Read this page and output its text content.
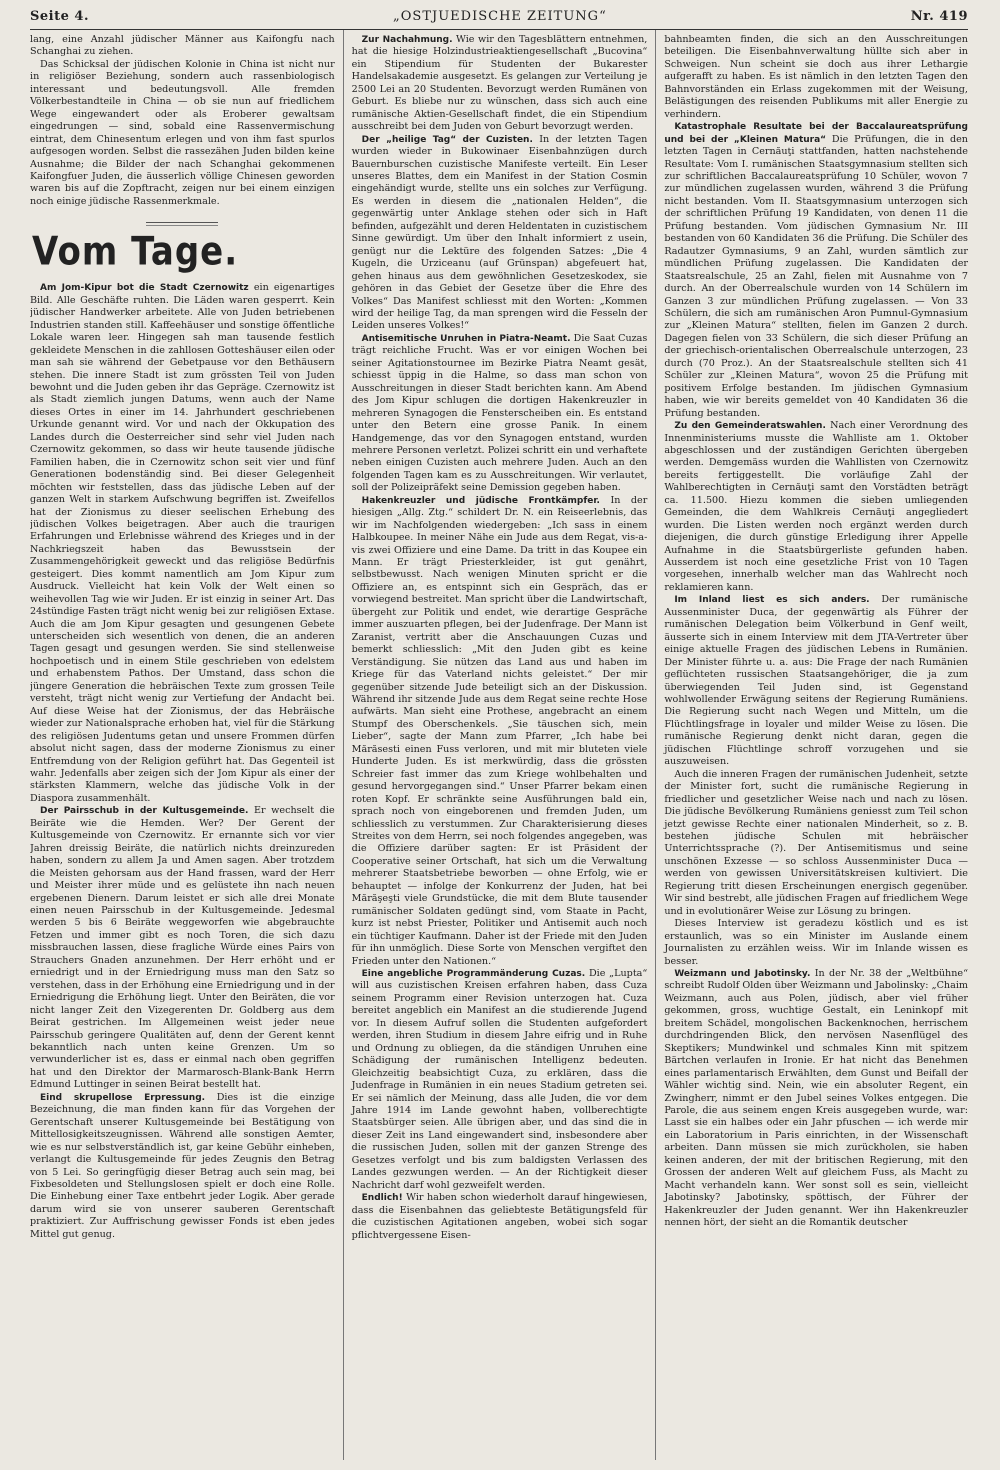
Seite 4.	„OSTJUEDISCHE ZEITUNG“	Nr. 419

lang, eine Anzahl jüdischer Männer aus Kaifongfu nach Schanghai zu ziehen.

Das Schicksal der jüdischen Kolonie in China ist nicht nur in religiöser Beziehung, sondern auch rassenbiologisch interessant und bedeutungsvoll. Alle fremden Völkerbestandteile in China — ob sie nun auf friedlichem Wege eingewandert oder als Eroberer gewaltsam eingedrungen — sind, sobald eine Rassenvermischung eintrat, dem Chinesentum erlegen und von ihm fast spurlos aufgesogen worden. Selbst die rassezähen Juden bilden keine Ausnahme; die Bilder der nach Schanghai gekommenen Kaifongfuer Juden, die äusserlich völlige Chinesen geworden waren bis auf die Zopftracht, zeigen nur bei einem einzigen noch einige jüdische Rassenmerkmale.

Vom Tage.

Am Jom-Kipur bot die Stadt Czernowitz ein eigenartiges Bild. Alle Geschäfte ruhten. Die Läden waren gesperrt. Kein jüdischer Handwerker arbeitete. Alle von Juden betriebenen Industrien standen still. Kaffeehäuser und sonstige öffentliche Lokale waren leer. Hingegen sah man tausende festlich gekleidete Menschen in die zahllosen Gotteshäuser eilen oder man sah sie während der Gebetpause vor den Bethäusern stehen. Die innere Stadt ist zum grössten Teil von Juden bewohnt und die Juden geben ihr das Gepräge. Czernowitz ist als Stadt ziemlich jungen Datums, wenn auch der Name dieses Ortes in einer im 14. Jahrhundert geschriebenen Urkunde genannt wird. Vor und nach der Okkupation des Landes durch die Oesterreicher sind sehr viel Juden nach Czernowitz gekommen, so dass wir heute tausende jüdische Familien haben, die in Czernowitz schon seit vier und fünf Generationen bodenständig sind. Bei dieser Gelegenheit möchten wir feststellen, dass das jüdische Leben auf der ganzen Welt in starkem Aufschwung begriffen ist. Zweifellos hat der Zionismus zu dieser seelischen Erhebung des jüdischen Volkes beigetragen. Aber auch die traurigen Erfahrungen und Erlebnisse während des Krieges und in der Nachkriegszeit haben das Bewusstsein der Zusammengehörigkeit geweckt und das religiöse Bedürfnis gesteigert. Dies kommt namentlich am Jom Kipur zum Ausdruck. Vielleicht hat kein Volk der Welt einen so weihevollen Tag wie wir Juden. Er ist einzig in seiner Art. Das 24stündige Fasten trägt nicht wenig bei zur religiösen Extase. Auch die am Jom Kipur gesagten und gesungenen Gebete unterscheiden sich wesentlich von denen, die an anderen Tagen gesagt und gesungen werden. Sie sind stellenweise hochpoetisch und in einem Stile geschrieben von edelstem und erhabenstem Pathos. Der Umstand, dass schon die jüngere Generation die hebräischen Texte zum grossen Teile versteht, trägt nicht wenig zur Vertiefung der Andacht bei. Auf diese Weise hat der Zionismus, der das Hebräische wieder zur Nationalsprache erhoben hat, viel für die Stärkung des religiösen Judentums getan und unsere Frommen dürfen absolut nicht sagen, dass der moderne Zionismus zu einer Entfremdung von der Religion geführt hat. Das Gegenteil ist wahr. Jedenfalls aber zeigen sich der Jom Kipur als einer der stärksten Klammern, welche das jüdische Volk in der Diaspora zusammenhält.

Der Pairsschub in der Kultusgemeinde. Er wechselt die Beiräte wie die Hemden. Wer? Der Gerent der Kultusgemeinde von Czernowitz. Er ernannte sich vor vier Jahren dreissig Beiräte, die natürlich nichts dreinzureden haben, sondern zu allem Ja und Amen sagen. Aber trotzdem die Meisten gehorsam aus der Hand frassen, ward der Herr und Meister ihrer müde und es gelüstete ihn nach neuen ergebenen Dienern. Darum leistet er sich alle drei Monate einen neuen Pairsschub in der Kultusgemeinde. Jedesmal werden 5 bis 6 Beiräte weggeworfen wie abgebrauchte Fetzen und immer gibt es noch Toren, die sich dazu missbrauchen lassen, diese fragliche Würde eines Pairs von Strauchers Gnaden anzunehmen. Der Herr erhöht und er erniedrigt und in der Erniedrigung muss man den Satz so verstehen, dass in der Erhöhung eine Erniedrigung und in der Erniedrigung die Erhöhung liegt. Unter den Beiräten, die vor nicht langer Zeit den Vizegerenten Dr. Goldberg aus dem Beirat gestrichen. Im Allgemeinen weist jeder neue Pairsschub geringere Qualitäten auf, denn der Gerent kennt bekanntlich nach unten keine Grenzen. Um so verwunderlicher ist es, dass er einmal nach oben gegriffen hat und den Direktor der Marmarosch-Blank-Bank Herrn Edmund Luttinger in seinen Beirat bestellt hat.

Eind skrupellose Erpressung. Dies ist die einzige Bezeichnung, die man finden kann für das Vorgehen der Gerentschaft unserer Kultusgemeinde bei Bestätigung von Mittellosigkeitszeugnissen. Während alle sonstigen Aemter, wie es nur selbstverständlich ist, gar keine Gebühr einheben, verlangt die Kultusgemeinde für jedes Zeugnis den Betrag von 5 Lei. So geringfügig dieser Betrag auch sein mag, bei Fixbesoldeten und Stellungslosen spielt er doch eine Rolle. Die Einhebung einer Taxe entbehrt jeder Logik. Aber gerade darum wird sie von unserer sauberen Gerentschaft praktiziert. Zur Auffrischung gewisser Fonds ist eben jedes Mittel gut genug.

Zur Nachahmung. Wie wir den Tagesblättern entnehmen, hat die hiesige Holzindustrieaktiengesellschaft „Bucovina“ ein Stipendium für Studenten der Bukarester Handelsakademie ausgesetzt. Es gelangen zur Verteilung je 2500 Lei an 20 Studenten. Bevorzugt werden Rumänen von Geburt. Es bliebe nur zu wünschen, dass sich auch eine rumänische Aktien-Gesellschaft findet, die ein Stipendium ausschreibt bei dem Juden von Geburt bevorzugt werden.

Der „heilige Tag“ der Cuzisten. In der letzten Tagen wurden wieder in Bukowinaer Eisenbahnzügen durch Bauernburschen cuzistische Manifeste verteilt. Ein Leser unseres Blattes, dem ein Manifest in der Station Cosmin eingehändigt wurde, stellte uns ein solches zur Verfügung. Es werden in diesem die „nationalen Helden“, die gegenwärtig unter Anklage stehen oder sich in Haft befinden, aufgezählt und deren Heldentaten in cuzistischem Sinne gewürdigt. Um über den Inhalt informiert z usein, genügt nur die Lektüre des folgenden Satzes: „Die 4 Kugeln, die Urziceanu (auf Grünspan) abgefeuert hat, gehen hinaus aus dem gewöhnlichen Gesetzeskodex, sie gehören in das Gebiet der Gesetze über die Ehre des Volkes“ Das Manifest schliesst mit den Worten: „Kommen wird der heilige Tag, da man sprengen wird die Fesseln der Leiden unseres Volkes!“

Antisemitische Unruhen in Piatra-Neamt. Die Saat Cuzas trägt reichliche Frucht. Was er vor einigen Wochen bei seiner Agitationstournee im Bezirke Piatra Neamt gesät, schiesst üppig in die Halme, so dass man schon von Ausschreitungen in dieser Stadt berichten kann. Am Abend des Jom Kipur schlugen die dortigen Hakenkreuzler in mehreren Synagogen die Fensterscheiben ein. Es entstand unter den Betern eine grosse Panik. In einem Handgemenge, das vor den Synagogen entstand, wurden mehrere Personen verletzt. Polizei schritt ein und verhaftete neben einigen Cuzisten auch mehrere Juden. Auch an den folgenden Tagen kam es zu Ausschreitungen. Wir verlautet, soll der Polizeipräfekt seine Demission gegeben haben.

Hakenkreuzler und jüdische Frontkämpfer. In der hiesigen „Allg. Ztg.“ schildert Dr. N. ein Reiseerlebnis, das wir im Nachfolgenden wiedergeben: „Ich sass in einem Halbkoupee. In meiner Nähe ein Jude aus dem Regat, vis-a-vis zwei Offiziere und eine Dame. Da tritt in das Koupee ein Mann. Er trägt Priesterkleider, ist gut genährt, selbstbewusst. Nach wenigen Minuten spricht er die Offiziere an, es entspinnt sich ein Gespräch, das er vorwiegend bestreitet. Man spricht über die Landwirtschaft, übergeht zur Politik und endet, wie derartige Gespräche immer auszuarten pflegen, bei der Judenfrage. Der Mann ist Zaranist, vertritt aber die Anschauungen Cuzas und bemerkt schliesslich: „Mit den Juden gibt es keine Verständigung. Sie nützen das Land aus und haben im Kriege für das Vaterland nichts geleistet.“ Der mir gegenüber sitzende Jude beteiligt sich an der Diskussion. Während ihr sitzende Jude aus dem Regat seine rechte Hose aufwärts. Man sieht eine Prothese, angebracht an einem Stumpf des Oberschenkels. „Sie täuschen sich, mein Lieber“, sagte der Mann zum Pfarrer, „Ich habe bei Mărăsesti einen Fuss verloren, und mit mir bluteten viele Hunderte Juden. Es ist merkwürdig, dass die grössten Schreier fast immer das zum Kriege wohlbehalten und gesund hervorgegangen sind.“ Unser Pfarrer bekam einen roten Kopf. Er schränkte seine Ausführungen bald ein, sprach noch von eingeborenen und fremden Juden, um schliesslich zu verstummen. Zur Charakterisierung dieses Streites von dem Herrn, sei noch folgendes angegeben, was die Offiziere darüber sagten: Er ist Präsident der Cooperative seiner Ortschaft, hat sich um die Verwaltung mehrerer Staatsbetriebe beworben — ohne Erfolg, wie er behauptet — infolge der Konkurrenz der Juden, hat bei Mărăşeşti viele Grundstücke, die mit dem Blute tausender rumänischer Soldaten gedüngt sind, vom Staate in Pacht, kurz ist nebst Priester, Politiker und Antisemit auch noch ein tüchtiger Kaufmann. Daher ist der Friede mit den Juden für ihn unmöglich. Diese Sorte von Menschen vergiftet den Frieden unter den Nationen.“

Eine angebliche Programmänderung Cuzas. Die „Lupta“ will aus cuzistischen Kreisen erfahren haben, dass Cuza seinem Programm einer Revision unterzogen hat. Cuza bereitet angeblich ein Manifest an die studierende Jugend vor. In diesem Aufruf sollen die Studenten aufgefordert werden, ihren Studium in diesem Jahre eifrig und in Ruhe und Ordnung zu obliegen, da die ständigen Unruhen eine Schädigung der rumänischen Intelligenz bedeuten. Gleichzeitig beabsichtigt Cuza, zu erklären, dass die Judenfrage in Rumänien in ein neues Stadium getreten sei. Er sei nämlich der Meinung, dass alle Juden, die vor dem Jahre 1914 im Lande gewohnt haben, vollberechtigte Staatsbürger seien. Alle übrigen aber, und das sind die in dieser Zeit ins Land eingewandert sind, insbesondere aber die russischen Juden, sollen mit der ganzen Strenge des Gesetzes verfolgt und bis zum baldigsten Verlassen des Landes gezwungen werden. — An der Richtigkeit dieser Nachricht darf wohl gezweifelt werden.

Endlich! Wir haben schon wiederholt darauf hingewiesen, dass die Eisenbahnen das geliebteste Betätigungsfeld für die cuzistischen Agitationen angeben, wobei sich sogar pflichtvergessene Eisen-

bahnbeamten finden, die sich an den Ausschreitungen beteiligen. Die Eisenbahnverwaltung hüllte sich aber in Schweigen. Nun scheint sie doch aus ihrer Lethargie aufgerafft zu haben. Es ist nämlich in den letzten Tagen den Bahnvorständen ein Erlass zugekommen mit der Weisung, Belästigungen des reisenden Publikums mit aller Energie zu verhindern.

Katastrophale Resultate bei der Baccalaureatsprüfung und bei der „Kleinen Matura“ Die Prüfungen, die in den letzten Tagen in Cernăuţi stattfanden, hatten nachstehende Resultate: Vom I. rumänischen Staatsgymnasium stellten sich zur schriftlichen Baccalaureatsprüfung 10 Schüler, wovon 7 zur mündlichen zugelassen wurden, während 3 die Prüfung nicht bestanden. Vom II. Staatsgymnasium unterzogen sich der schriftlichen Prüfung 19 Kandidaten, von denen 11 die Prüfung bestanden. Vom jüdischen Gymnasium Nr. III bestanden von 60 Kandidaten 36 die Prüfung. Die Schüler des Radautzer Gymnasiums, 9 an Zahl, wurden sämtlich zur mündlichen Prüfung zugelassen. Die Kandidaten der Staatsrealschule, 25 an Zahl, fielen mit Ausnahme von 7 durch. An der Oberrealschule wurden von 14 Schülern im Ganzen 3 zur mündlichen Prüfung zugelassen. — Von 33 Schülern, die sich am rumänischen Aron Pumnul-Gymnasium zur „Kleinen Matura“ stellten, fielen im Ganzen 2 durch. Dagegen fielen von 33 Schülern, die sich dieser Prüfung an der griechisch-orientalischen Oberrealschule unterzogen, 23 durch (70 Proz.). An der Staatsrealschule stellten sich 41 Schüler zur „Kleinen Matura“, wovon 25 die Prüfung mit positivem Erfolge bestanden. Im jüdischen Gymnasium haben, wie wir bereits gemeldet von 40 Kandidaten 36 die Prüfung bestanden.

Zu den Gemeinderatswahlen. Nach einer Verordnung des Innenministeriums musste die Wahlliste am 1. Oktober abgeschlossen und der zuständigen Gerichten übergeben werden. Demgemäss wurden die Wahllisten von Czernowitz bereits fertiggestellt. Die vorläufige Zahl der Wahlberechtigten in Cernăuţi samt den Vorstädten beträgt ca. 11.500. Hiezu kommen die sieben umliegenden Gemeinden, die dem Wahlkreis Cernăuţi angegliedert wurden. Die Listen werden noch ergänzt werden durch diejenigen, die durch günstige Erledigung ihrer Appelle Aufnahme in die Staatsbürgerliste gefunden haben. Ausserdem ist noch eine gesetzliche Frist von 10 Tagen vorgesehen, innerhalb welcher man das Wahlrecht noch reklamieren kann.

Im Inland liest es sich anders. Der rumänische Aussenminister Duca, der gegenwärtig als Führer der rumänischen Delegation beim Völkerbund in Genf weilt, äusserte sich in einem Interview mit dem JTA-Vertreter über einige aktuelle Fragen des jüdischen Lebens in Rumänien. Der Minister führte u. a. aus: Die Frage der nach Rumänien geflüchteten russischen Staatsangehöriger, die ja zum überwiegenden Teil Juden sind, ist Gegenstand wohlwollender Erwägung seitens der Regierung Rumäniens. Die Regierung sucht nach Wegen und Mitteln, um die Flüchtlingsfrage in loyaler und milder Weise zu lösen. Die rumänische Regierung denkt nicht daran, gegen die jüdischen Flüchtlinge schroff vorzugehen und sie auszuweisen.

Auch die inneren Fragen der rumänischen Judenheit, setzte der Minister fort, sucht die rumänische Regierung in friedlicher und gesetzlicher Weise nach und nach zu lösen. Die jüdische Bevölkerung Rumäniens geniesst zum Teil schon jetzt gewisse Rechte einer nationalen Minderheit, so z. B. bestehen jüdische Schulen mit hebräischer Unterrichtssprache (?). Der Antisemitismus und seine unschönen Exzesse — so schloss Aussenminister Duca — werden von gewissen Universitätskreisen kultiviert. Die Regierung tritt diesen Erscheinungen energisch gegenüber. Wir sind bestrebt, alle jüdischen Fragen auf friedlichem Wege und in evolutionärer Weise zur Lösung zu bringen.

Dieses Interview ist geradezu köstlich und es ist erstaunlich, was so ein Minister im Auslande einem Journalisten zu erzählen weiss. Wir im Inlande wissen es besser.

Weizmann und Jabotinsky. In der Nr. 38 der „Weltbühne“ schreibt Rudolf Olden über Weizmann und Jabolinsky: „Chaim Weizmann, auch aus Polen, jüdisch, aber viel früher gekommen, gross, wuchtige Gestalt, ein Leninkopf mit breitem Schädel, mongolischen Backenknochen, herrischem durchdringenden Blick, den nervösen Nasenflügel des Skeptikers; Mundwinkel und schmales Kinn mit spitzem Bärtchen verlaufen in Ironie. Er hat nicht das Benehmen eines parlamentarisch Erwählten, dem Gunst und Beifall der Wähler wichtig sind. Nein, wie ein absoluter Regent, ein Zwingherr, nimmt er den Jubel seines Volkes entgegen. Die Parole, die aus seinem engen Kreis ausgegeben wurde, war: Lasst sie ein halbes oder ein Jahr pfuschen — ich werde mir ein Laboratorium in Paris einrichten, in der Wissenschaft arbeiten. Dann müssen sie mich zurückholen, sie haben keinen anderen, der mit der britischen Regierung, mit den Grossen der anderen Welt auf gleichem Fuss, als Macht zu Macht verhandeln kann. Wer sonst soll es sein, vielleicht Jabotinsky? Jabotinsky, spöttisch, der Führer der Hakenkreuzler der Juden genannt. Wer ihn Hakenkreuzler nennen hört, der sieht an die Romantik deutscher
